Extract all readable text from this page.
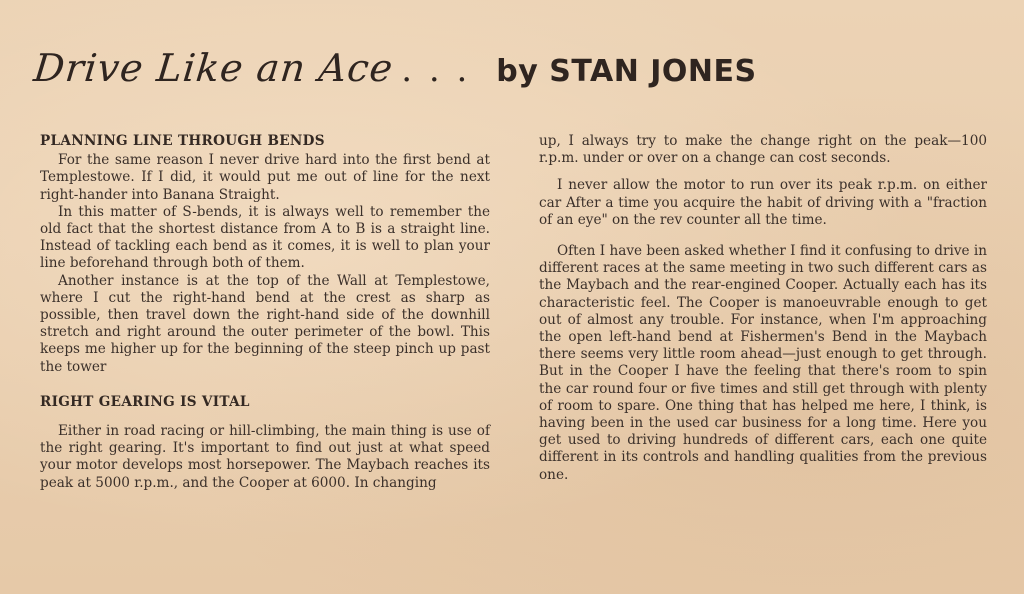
Drive Like an Ace . . . by STAN JONES
PLANNING LINE THROUGH BENDS

For the same reason I never drive hard into the first bend at Templestowe. If I did, it would put me out of line for the next right-hander into Banana Straight.

In this matter of S-bends, it is always well to remember the old fact that the shortest distance from A to B is a straight line. Instead of tackling each bend as it comes, it is well to plan your line beforehand through both of them.

Another instance is at the top of the Wall at Templestowe, where I cut the right-hand bend at the crest as sharp as possible, then travel down the right-hand side of the downhill stretch and right around the outer perimeter of the bowl. This keeps me higher up for the beginning of the steep pinch up past the tower

RIGHT GEARING IS VITAL

Either in road racing or hill-climbing, the main thing is use of the right gearing. It's important to find out just at what speed your motor develops most horsepower. The Maybach reaches its peak at 5000 r.p.m., and the Cooper at 6000. In changing

up, I always try to make the change right on the peak—100 r.p.m. under or over on a change can cost seconds.

I never allow the motor to run over its peak r.p.m. on either car After a time you acquire the habit of driving with a "fraction of an eye" on the rev counter all the time.

Often I have been asked whether I find it confusing to drive in different races at the same meeting in two such different cars as the Maybach and the rear-engined Cooper. Actually each has its characteristic feel. The Cooper is manoeuvrable enough to get out of almost any trouble. For instance, when I'm approaching the open left-hand bend at Fishermen's Bend in the Maybach there seems very little room ahead—just enough to get through. But in the Cooper I have the feeling that there's room to spin the car round four or five times and still get through with plenty of room to spare. One thing that has helped me here, I think, is having been in the used car business for a long time. Here you get used to driving hundreds of different cars, each one quite different in its controls and handling qualities from the previous one.
